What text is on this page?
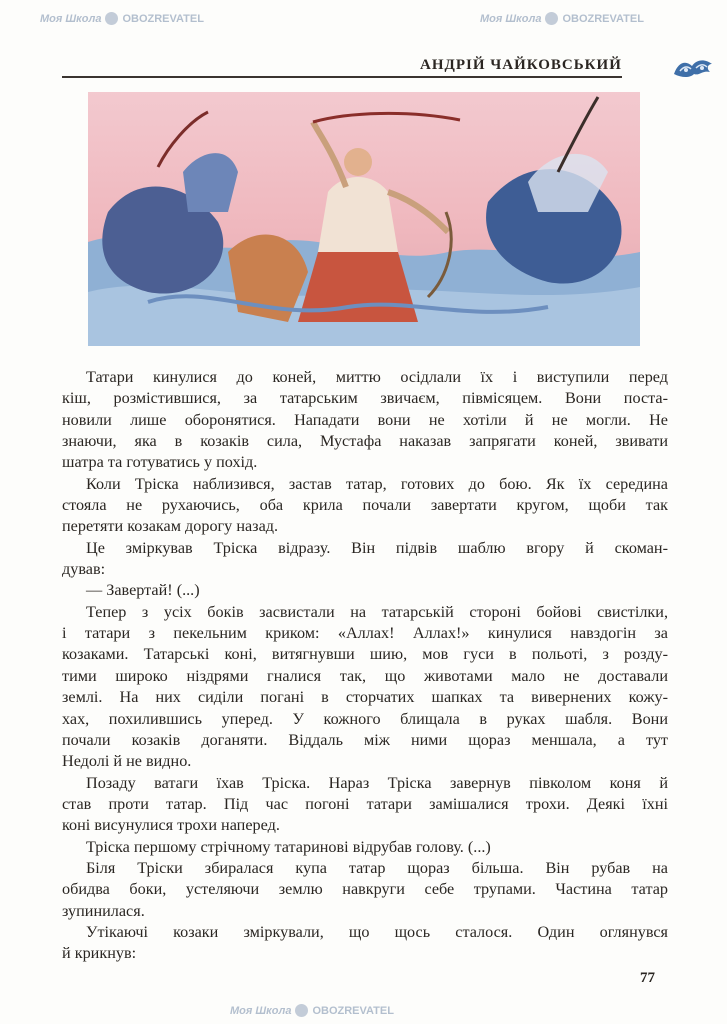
Моя Школа OBOZREVATEL	Моя Школа OBOZREVATEL
Моя Школа OBOZREVATEL
АНДРІЙ ЧАЙКОВСЬКИЙ
Татари кинулися до коней, миттю осідлали їх і виступили перед
кіш, розмістившися, за татарським звичаєм, півмісяцем. Вони поста-
новили лише оборонятися. Нападати вони не хотіли й не могли. Не
знаючи, яка в козаків сила, Мустафа наказав запрягати коней, звивати
шатра та готуватись у похід.
Коли Тріска наблизився, застав татар, готових до бою. Як їх середина
стояла не рухаючись, оба крила почали завертати кругом, щоби так
перетяти козакам дорогу назад.
Це зміркував Тріска відразу. Він підвів шаблю вгору й скоман-
дував:
— Завертай! (...)
Тепер з усіх боків засвистали на татарській стороні бойові свистілки,
і татари з пекельним криком: «Аллах! Аллах!» кинулися навздогін за
козаками. Татарські коні, витягнувши шию, мов гуси в польоті, з розду-
тими широко ніздрями гналися так, що животами мало не доставали
землі. На них сиділи погані в сторчатих шапках та вивернених кожу-
хах, похилившись уперед. У кожного блищала в руках шабля. Вони
почали козаків доганяти. Віддаль між ними щораз меншала, а тут
Недолі й не видно.
Позаду ватаги їхав Тріска. Нараз Тріска завернув півколом коня й
став проти татар. Під час погоні татари замішалися трохи. Деякі їхні
коні висунулися трохи наперед.
Тріска першому стрічному татаринові відрубав голову. (...)
Біля Тріски збиралася купа татар щораз більша. Він рубав на
обидва боки, устеляючи землю навкруги себе трупами. Частина татар
зупинилася.
Утікаючі козаки зміркували, що щось сталося. Один оглянувся
й крикнув:
77
